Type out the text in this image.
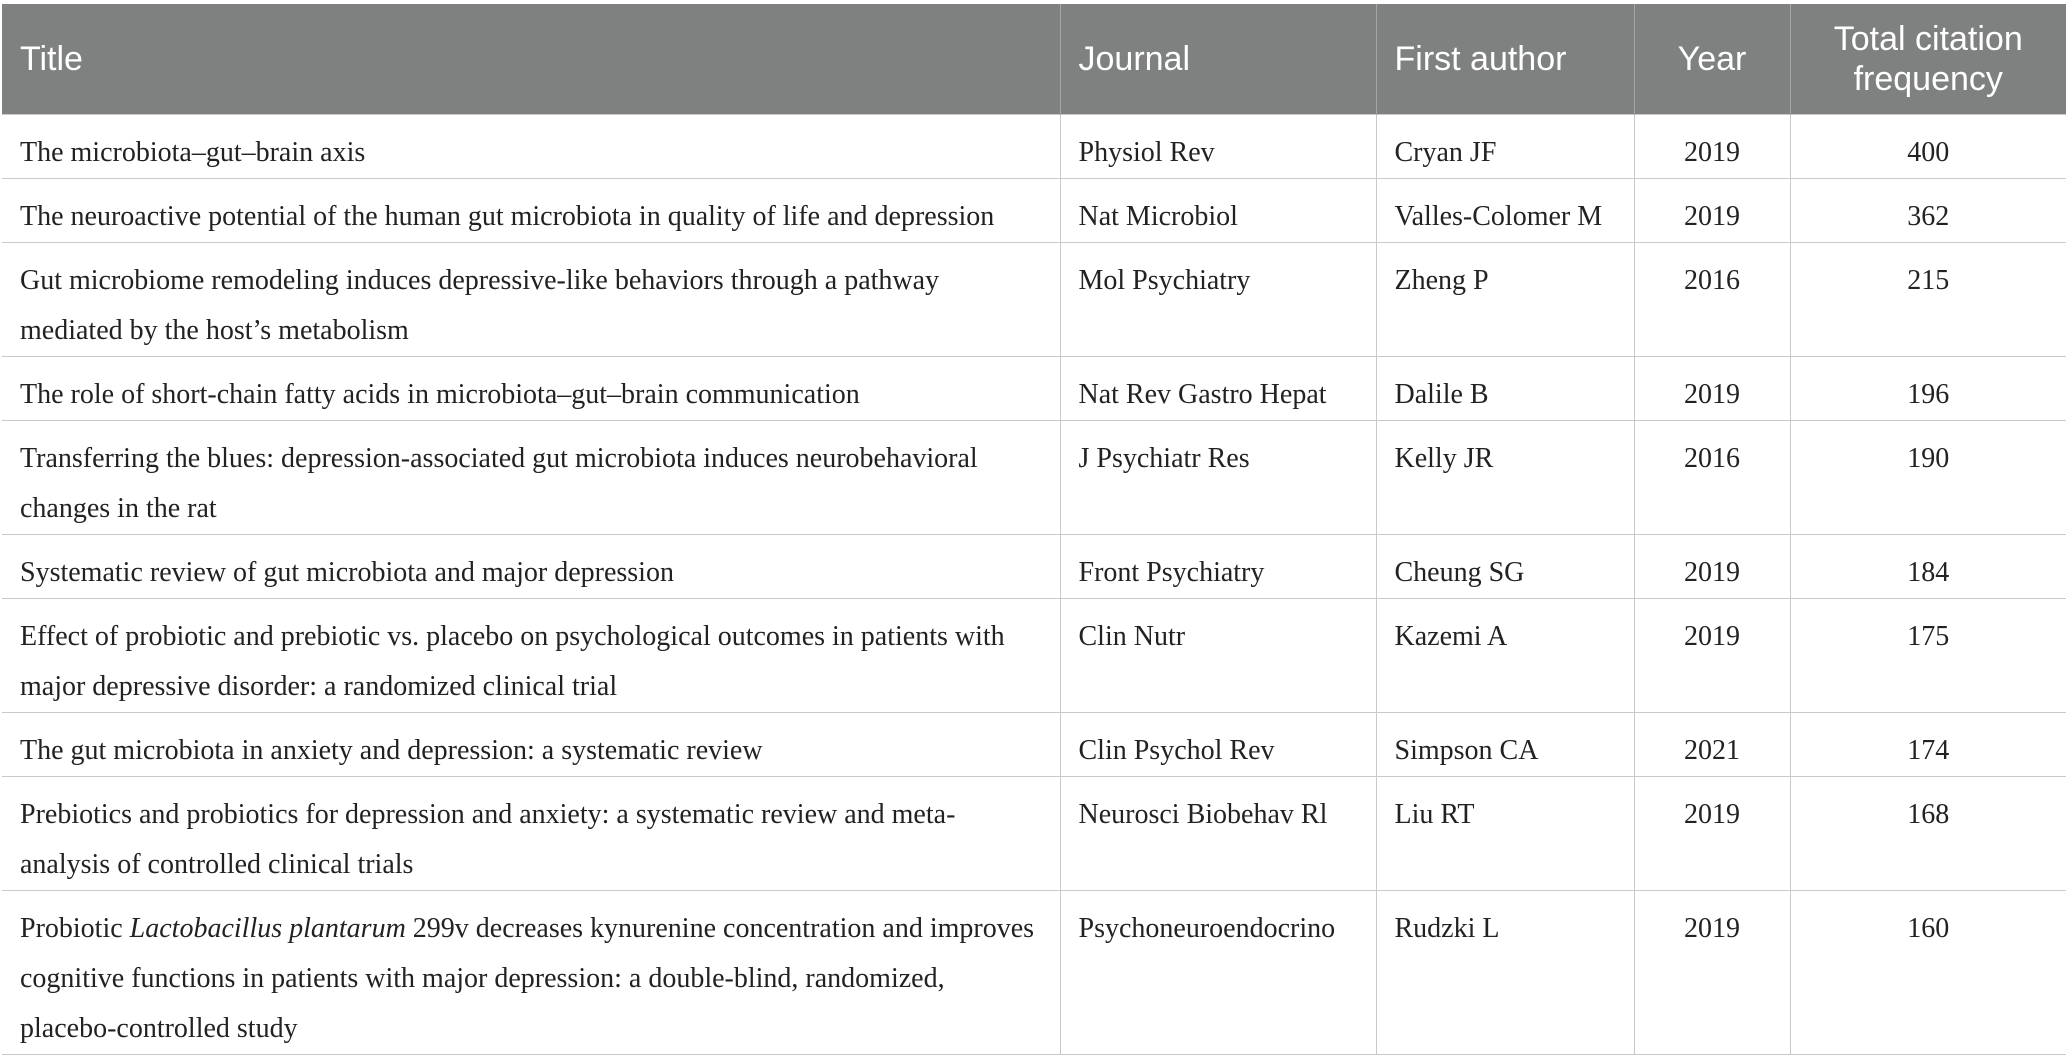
Title	Journal	First author	Year	Total citation frequency
The microbiota–gut–brain axis	Physiol Rev	Cryan JF	2019	400
The neuroactive potential of the human gut microbiota in quality of life and depression	Nat Microbiol	Valles-Colomer M	2019	362
Gut microbiome remodeling induces depressive-like behaviors through a pathway mediated by the host’s metabolism	Mol Psychiatry	Zheng P	2016	215
The role of short-chain fatty acids in microbiota–gut–brain communication	Nat Rev Gastro Hepat	Dalile B	2019	196
Transferring the blues: depression-associated gut microbiota induces neurobehavioral changes in the rat	J Psychiatr Res	Kelly JR	2016	190
Systematic review of gut microbiota and major depression	Front Psychiatry	Cheung SG	2019	184
Effect of probiotic and prebiotic vs. placebo on psychological outcomes in patients with major depressive disorder: a randomized clinical trial	Clin Nutr	Kazemi A	2019	175
The gut microbiota in anxiety and depression: a systematic review	Clin Psychol Rev	Simpson CA	2021	174
Prebiotics and probiotics for depression and anxiety: a systematic review and meta-analysis of controlled clinical trials	Neurosci Biobehav Rl	Liu RT	2019	168
Probiotic Lactobacillus plantarum 299v decreases kynurenine concentration and improves cognitive functions in patients with major depression: a double-blind, randomized, placebo-controlled study	Psychoneuroendocrino	Rudzki L	2019	160
